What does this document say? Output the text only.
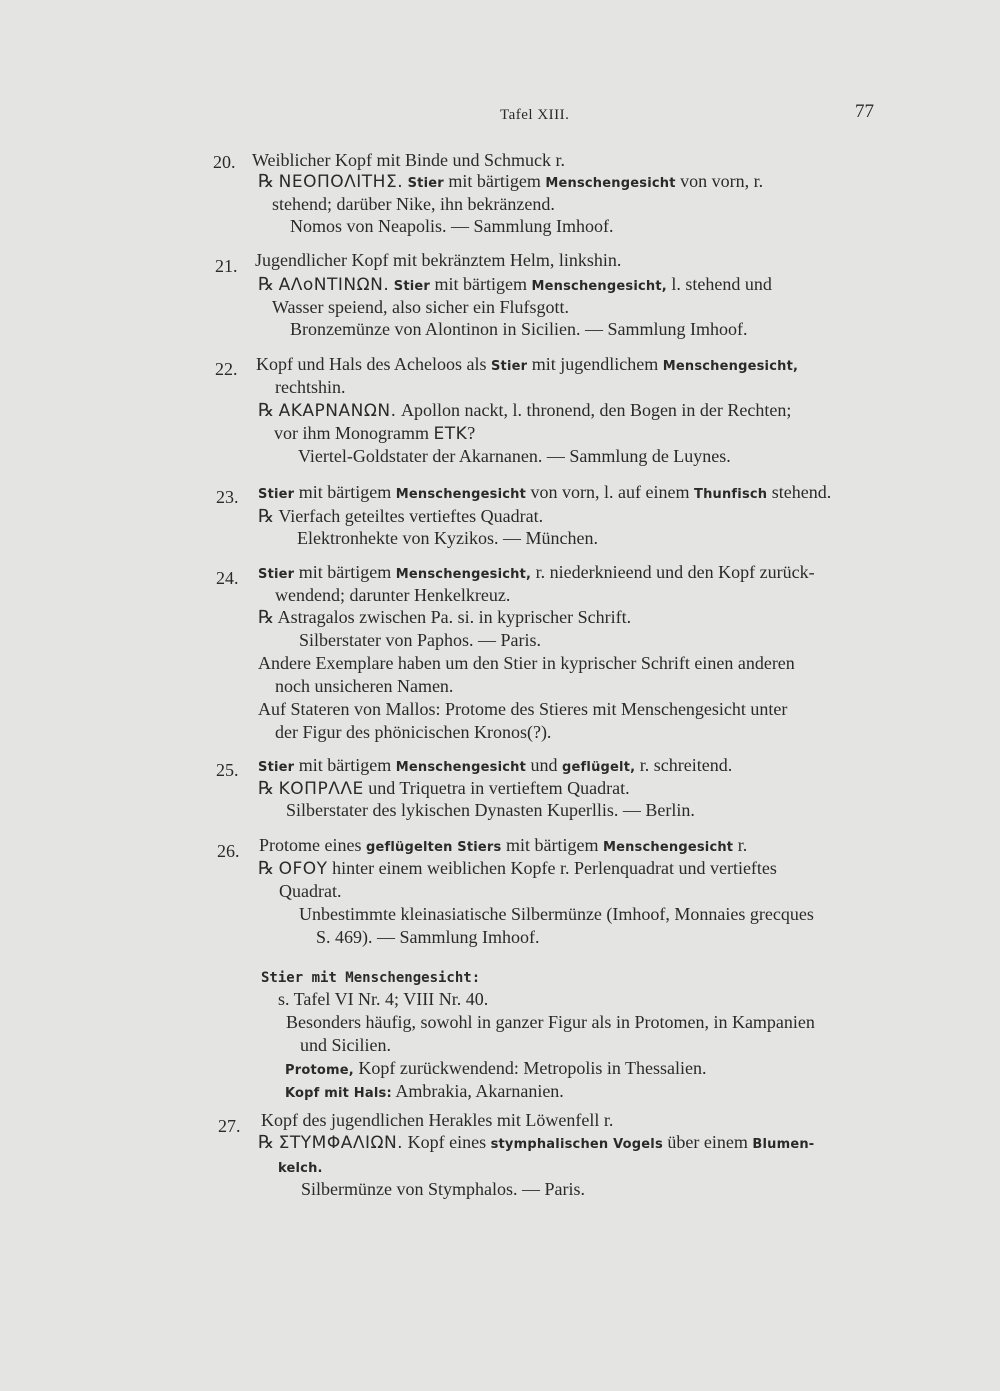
Tafel XIII.	77
20. Weiblicher Kopf mit Binde und Schmuck r.
℞ ΝΕΟΠΟΛΙΤΗΣ. Stier mit bärtigem Menschengesicht von vorn, r.
stehend; darüber Nike, ihn bekränzend.
Nomos von Neapolis. — Sammlung Imhoof.
21. Jugendlicher Kopf mit bekränztem Helm, linkshin.
℞ ΑΛoΝΤΙΝΩΝ. Stier mit bärtigem Menschengesicht, l. stehend und
Wasser speiend, also sicher ein Flufsgott.
Bronzemünze von Alontinon in Sicilien. — Sammlung Imhoof.
22. Kopf und Hals des Acheloos als Stier mit jugendlichem Menschengesicht,
rechtshin.
℞ ΑΚΑΡΝΑΝΩΝ. Apollon nackt, l. thronend, den Bogen in der Rechten;
vor ihm Monogramm ΕΤΚ?
Viertel-Goldstater der Akarnanen. — Sammlung de Luynes.
23. Stier mit bärtigem Menschengesicht von vorn, l. auf einem Thunfisch stehend.
℞ Vierfach geteiltes vertieftes Quadrat.
Elektronhekte von Kyzikos. — München.
24. Stier mit bärtigem Menschengesicht, r. niederknieend und den Kopf zurück-
wendend; darunter Henkelkreuz.
℞ Astragalos zwischen Pa. si. in kyprischer Schrift.
Silberstater von Paphos. — Paris.
Andere Exemplare haben um den Stier in kyprischer Schrift einen anderen
noch unsicheren Namen.
Auf Stateren von Mallos: Protome des Stieres mit Menschengesicht unter
der Figur des phönicischen Kronos(?).
25. Stier mit bärtigem Menschengesicht und geflügelt, r. schreitend.
℞ ΚΟΠΡΛΛΕ und Triquetra in vertieftem Quadrat.
Silberstater des lykischen Dynasten Kuperllis. — Berlin.
26. Protome eines geflügelten Stiers mit bärtigem Menschengesicht r.
℞ ΟFΟΥ hinter einem weiblichen Kopfe r. Perlenquadrat und vertieftes
Quadrat.
Unbestimmte kleinasiatische Silbermünze (Imhoof, Monnaies grecques
S. 469). — Sammlung Imhoof.
Stier mit Menschengesicht:
s. Tafel VI Nr. 4; VIII Nr. 40.
Besonders häufig, sowohl in ganzer Figur als in Protomen, in Kampanien
und Sicilien.
Protome, Kopf zurückwendend: Metropolis in Thessalien.
Kopf mit Hals: Ambrakia, Akarnanien.
27. Kopf des jugendlichen Herakles mit Löwenfell r.
℞ ΣΤΥΜΦΑΛΙΩΝ. Kopf eines stymphalischen Vogels über einem Blumen-
kelch.
Silbermünze von Stymphalos. — Paris.
